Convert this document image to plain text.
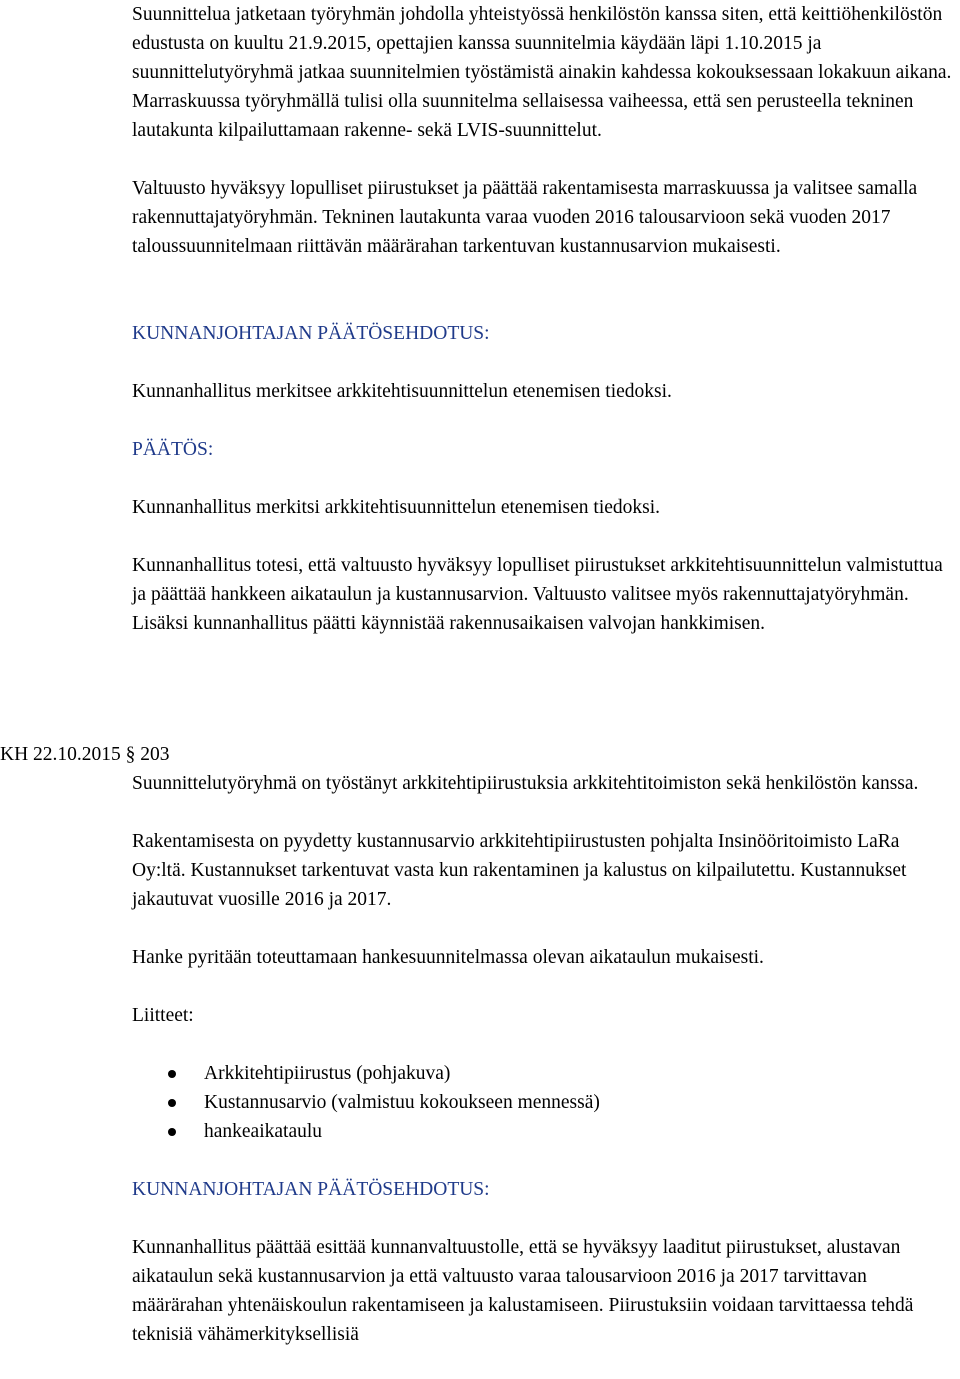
Suunnittelua jatketaan työryhmän johdolla yhteistyössä henkilöstön kanssa siten, että keittiöhenkilöstön edustusta on kuultu 21.9.2015, opettajien kanssa suunnitelmia käydään läpi 1.10.2015 ja suunnittelutyöryhmä jatkaa suunnitelmien työstämistä ainakin kahdessa kokouksessaan lokakuun aikana. Marraskuussa työryhmällä tulisi olla suunnitelma sellaisessa vaiheessa, että sen perusteella tekninen lautakunta kilpailuttamaan rakenne- sekä LVIS-suunnittelut.

Valtuusto hyväksyy lopulliset piirustukset ja päättää rakentamisesta marraskuussa ja valitsee samalla rakennuttajatyöryhmän. Tekninen lautakunta varaa vuoden 2016 talousarvioon sekä vuoden 2017 taloussuunnitelmaan riittävän määrärahan tarkentuvan kustannusarvion mukaisesti.

KUNNANJOHTAJAN PÄÄTÖSEHDOTUS:

Kunnanhallitus merkitsee arkkitehtisuunnittelun etenemisen tiedoksi.

PÄÄTÖS:

Kunnanhallitus merkitsi arkkitehtisuunnittelun etenemisen tiedoksi.

Kunnanhallitus totesi, että valtuusto hyväksyy lopulliset piirustukset arkkitehtisuunnittelun valmistuttua ja päättää hankkeen aikataulun ja kustannusarvion. Valtuusto valitsee myös rakennuttajatyöryhmän. Lisäksi kunnanhallitus päätti käynnistää rakennusaikaisen valvojan hankkimisen.

KH 22.10.2015 § 203

Suunnittelutyöryhmä on työstänyt arkkitehtipiirustuksia arkkitehtitoimiston sekä henkilöstön kanssa.

Rakentamisesta on pyydetty kustannusarvio arkkitehtipiirustusten pohjalta Insinööritoimisto LaRa Oy:ltä. Kustannukset tarkentuvat vasta kun rakentaminen ja kalustus on kilpailutettu. Kustannukset jakautuvat vuosille 2016 ja 2017.

Hanke pyritään toteuttamaan hankesuunnitelmassa olevan aikataulun mukaisesti.

Liitteet:

Arkkitehtipiirustus (pohjakuva)
Kustannusarvio (valmistuu kokoukseen mennessä)
hankeaikataulu

KUNNANJOHTAJAN PÄÄTÖSEHDOTUS:

Kunnanhallitus päättää esittää kunnanvaltuustolle, että se hyväksyy laaditut piirustukset, alustavan aikataulun sekä kustannusarvion ja että valtuusto varaa talousarvioon 2016 ja 2017 tarvittavan määrärahan yhtenäiskoulun rakentamiseen ja kalustamiseen. Piirustuksiin voidaan tarvittaessa tehdä teknisiä vähämerkityksellisiä
